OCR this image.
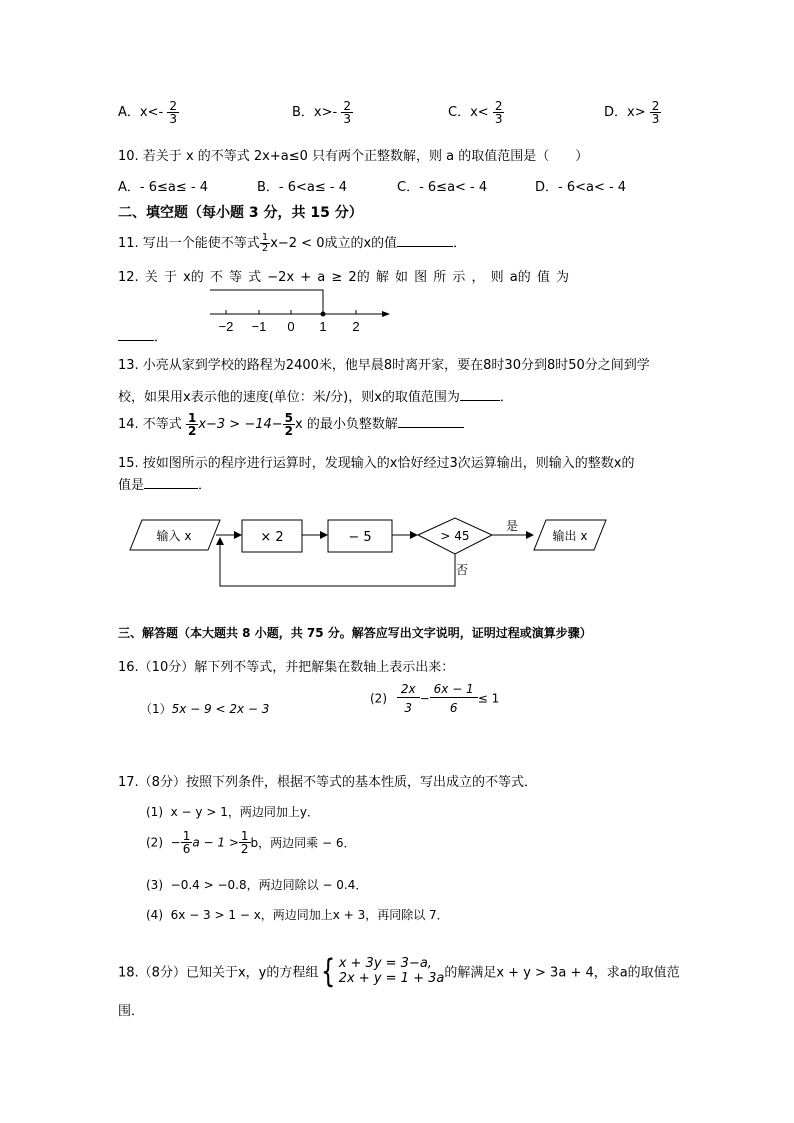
A．$x<- \frac{2}{3}$	B．$x>- \frac{2}{3}$	C．$x< \frac{2}{3}$	D．$x> \frac{2}{3}$
10. 若关于 x 的不等式 2x+a≤0 只有两个正整数解，则 a 的取值范围是（　　）
A．- 6≤a≤ - 4	B．- 6<a≤ - 4	C．- 6≤a< - 4	D．- 6<a< - 4
二、填空题（每小题 3 分，共 15 分）
11. 写出一个能使不等式 $\frac{1}{2} x-2 < 0$成立的x的值	．
12. 关 于 x的 不 等 式 −2x + a ≥ 2的 解 如 图 所 示 ， 则 a的 值 为
−2 −1 0 1 2
．
13. 小亮从家到学校的路程为2400米，他早晨8时离开家，要在8时30分到8时50分之间到学
校，如果用x表示他的速度(单位：米/分)，则x的取值范围为	．
14. 不等式 $\frac{1}{2} x-3 > -14- \frac{5}{2}$ x 的最小负整数解
15. 按如图所示的程序进行运算时，发现输入的x恰好经过3次运算输出，则输入的整数x的
值是	．
输入 x	× 2	− 5	> 45
是
输出 x
否
三、解答题（本大题共 8 小题，共 75 分。解答应写出文字说明，证明过程或演算步骤）
16.（10分）解下列不等式，并把解集在数轴上表示出来：
（1）5x − 9 < 2x − 3
$(2) \frac{2x}{3} - \frac{6x - 1}{6} \le 1$
17.（8分）按照下列条件，根据不等式的基本性质，写出成立的不等式．
(1) x − y > 1，两边同加上y．
$(2) - \frac{1}{6}$ $a - 1 > \frac{1}{2}$ b，两边同乘 − 6．
(3) −0.4 > −0.8，两边同除以 − 0.4．
(4) 6x − 3 > 1 − x，两边同加上x + 3，再同除以 7．
18.（8分）已知关于x，y的方程组{ x + 3y = 3−a,
2x + y = 1 + 3a 的解满足x + y > 3a + 4，求a的取值范
围．
